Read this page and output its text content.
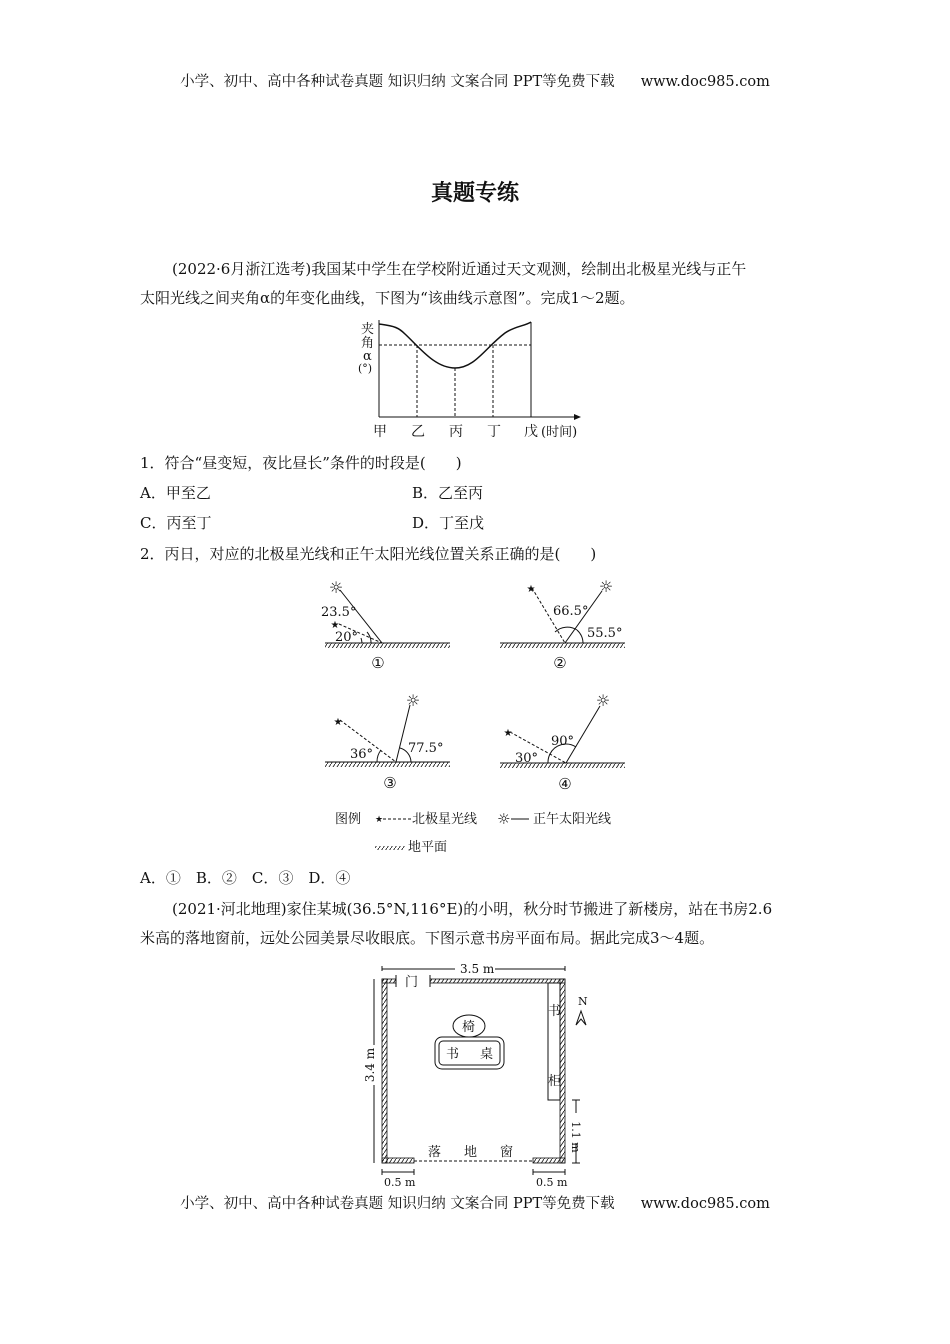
小学、初中、高中各种试卷真题 知识归纳 文案合同 PPT等免费下载 www.doc985.com
真题专练
(2022·6月浙江选考)我国某中学生在学校附近通过天文观测，绘制出北极星光线与正午
太阳光线之间夹角α的年变化曲线，下图为“该曲线示意图”。完成1～2题。
夹
角
α
(°)
甲 乙 丙 丁 戊 (时间)
1．符合“昼变短，夜比昼长”条件的时段是(　　)
A．甲至乙	B．乙至丙
C．丙至丁	D．丁至戊
2．丙日，对应的北极星光线和正午太阳光线位置关系正确的是(　　)
☼	☼
☼	☼
★
★
★
★
23.5°
20°
①
66.5°
55.5°
②
36°	77.5°
③
90°
30°
④
图例 ★ 北极星光线 ☼ 正午太阳光线
地平面
A．①　B．②　C．③　D．④
(2021·河北地理)家住某城(36.5°N,116°E)的小明，秋分时节搬进了新楼房，站在书房2.6
米高的落地窗前，远处公园美景尽收眼底。下图示意书房平面布局。据此完成3～4题。
3.5 m
3.4 m
门
椅
书 桌
书
柜
落 地 窗
N
1.1 m
0.5 m	0.5 m
小学、初中、高中各种试卷真题 知识归纳 文案合同 PPT等免费下载 www.doc985.com
